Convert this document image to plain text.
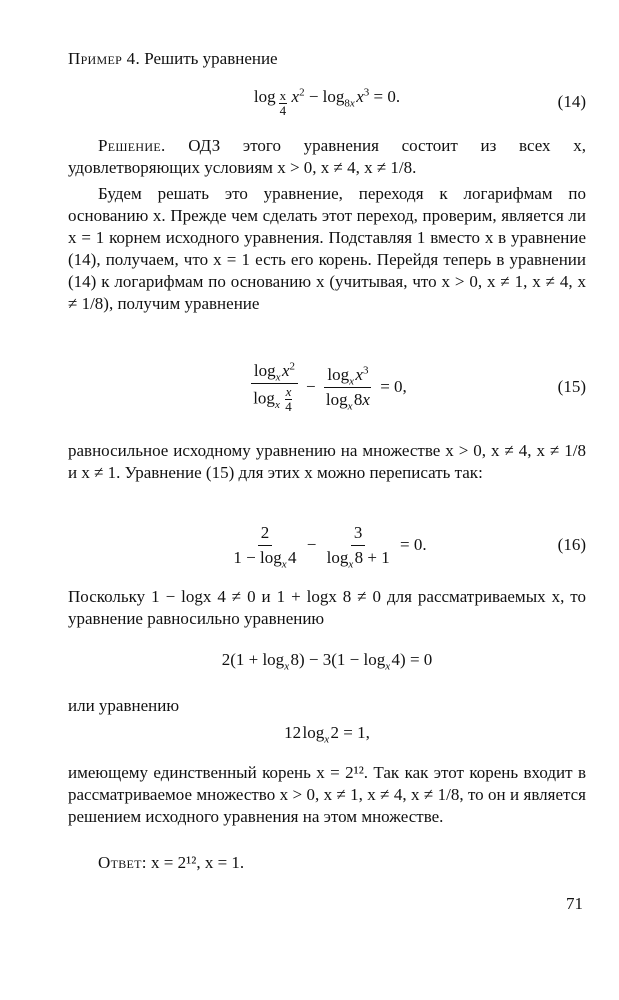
Пример 4. Решить уравнение
log $_{\frac{x}{4}}$
  $x^2 - \log_{8x}$ $x^3 = 0$.	(14)
Решение. ОДЗ этого уравнения состоит из всех x, удовлетворяющих условиям x > 0, x ≠ 4, x ≠ 1/8.
Будем решать это уравнение, переходя к логарифмам по основанию x. Прежде чем сделать этот переход, проверим, является ли x = 1 корнем исходного уравнения. Подставляя 1 вместо x в уравнение (14), получаем, что x = 1 есть его корень. Перейдя теперь в уравнении (14) к логарифмам по основанию x (учитывая, что x > 0, x ≠ 1, x ≠ 4, x ≠ 1/8), получим уравнение
$\frac{\log_x x^2}{\log_x \frac{x}{4}} - \frac{\log_x x^3}{\log_x 8x} = 0$,	(15)
равносильное исходному уравнению на множестве x > 0, x ≠ 4, x ≠ 1/8 и x ≠ 1. Уравнение (15) для этих x можно переписать так:
$\frac{2}{1 - \log_x 4} - \frac{3}{\log_x 8 + 1} = 0$.	(16)
Поскольку 1 − logx 4 ≠ 0 и 1 + logx 8 ≠ 0 для рассматриваемых x, то уравнение равносильно уравнению
$2(1 + \log_x$ $8) - 3(1 - \log_x$ 4) = 0
или уравнению
12 $\log_x$ 2 = 1,
имеющему единственный корень x = 2¹². Так как этот корень входит в рассматриваемое множество x > 0, x ≠ 1, x ≠ 4, x ≠ 1/8, то он и является решением исходного уравнения на этом множестве.
Ответ: x = 2¹², x = 1.
71
